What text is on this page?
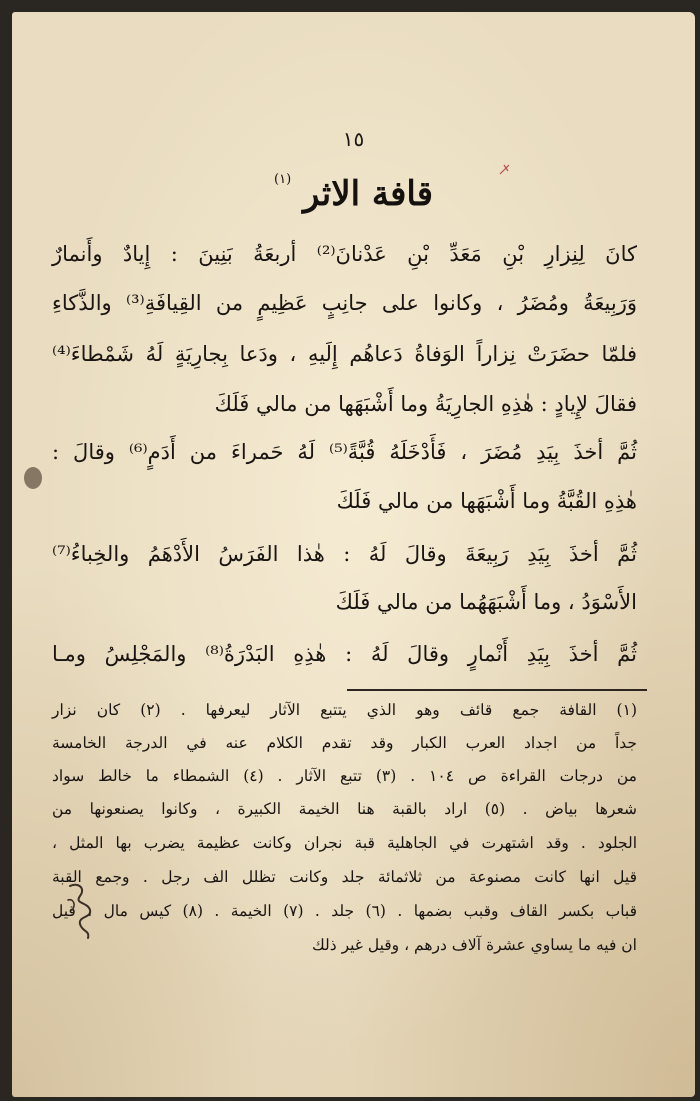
١٥
قافة الاثر $^{(١)}$
كانَ لِنِزارِ بْنِ مَعَدِّ بْنِ عَدْنانَ⁽²⁾ أربعَةُ بَنِينَ : إِيادٌ وأَنمارٌ
وَرَبِيعَةُ ومُضَرُ ، وكانوا على جانِبٍ عَظِيمٍ من القِيافَةِ⁽³⁾ والذَّكاءِ
فلمّا حضَرَتْ نِزاراً الوَفاةُ دَعاهُم إِلَيهِ ، ودَعا بِجارِيَةٍ لَهُ شَمْطاءَ⁽⁴⁾
فقالَ لإِيادٍ : هٰذِهِ الجارِيَةُ وما أَشْبَهَها من مالي فَلَكَ
ثُمَّ أخذَ بِيَدِ مُضَرَ ، فَأَدْخَلَهُ قُبَّةً⁽⁵⁾ لَهُ حَمراءَ من أَدَمٍ⁽⁶⁾ وقالَ :
هٰذِهِ القُبَّةُ وما أَشْبَهَها من مالي فَلَكَ
ثُمَّ أخذَ بِيَدِ رَبِيعَةَ وقالَ لَهُ : هٰذا الفَرَسُ الأَدْهَمُ والخِباءُ⁽⁷⁾
الأَسْوَدُ ، وما أَشْبَهَهُما من مالي فَلَكَ
ثُمَّ أخذَ بِيَدِ أَنْمارٍ وقالَ لَهُ : هٰذِهِ البَدْرَةُ⁽⁸⁾ والمَجْلِسُ ومـا
(١) القافة جمع قائف وهو الذي يتتبع الآثار ليعرفها . (٢) كان نزار
جداً من اجداد العرب الكبار وقد تقدم الكلام عنه في الدرجة الخامسة
من درجات القراءة ص ١٠٤ . (٣) تتبع الآثار . (٤) الشمطاء ما خالط سواد
شعرها بياض . (٥) اراد بالقبة هنا الخيمة الكبيرة ، وكانوا يصنعونها من
الجلود . وقد اشتهرت في الجاهلية قبة نجران وكانت عظيمة يضرب بها المثل ،
قيل انها كانت مصنوعة من ثلاثمائة جلد وكانت تظلل الف رجل . وجمع القبة
قباب بكسر القاف وقبب بضمها . (٦) جلد . (٧) الخيمة . (٨) كيس مال ، قيل
ان فيه ما يساوي عشرة آلاف درهم ، وقيل غير ذلك
